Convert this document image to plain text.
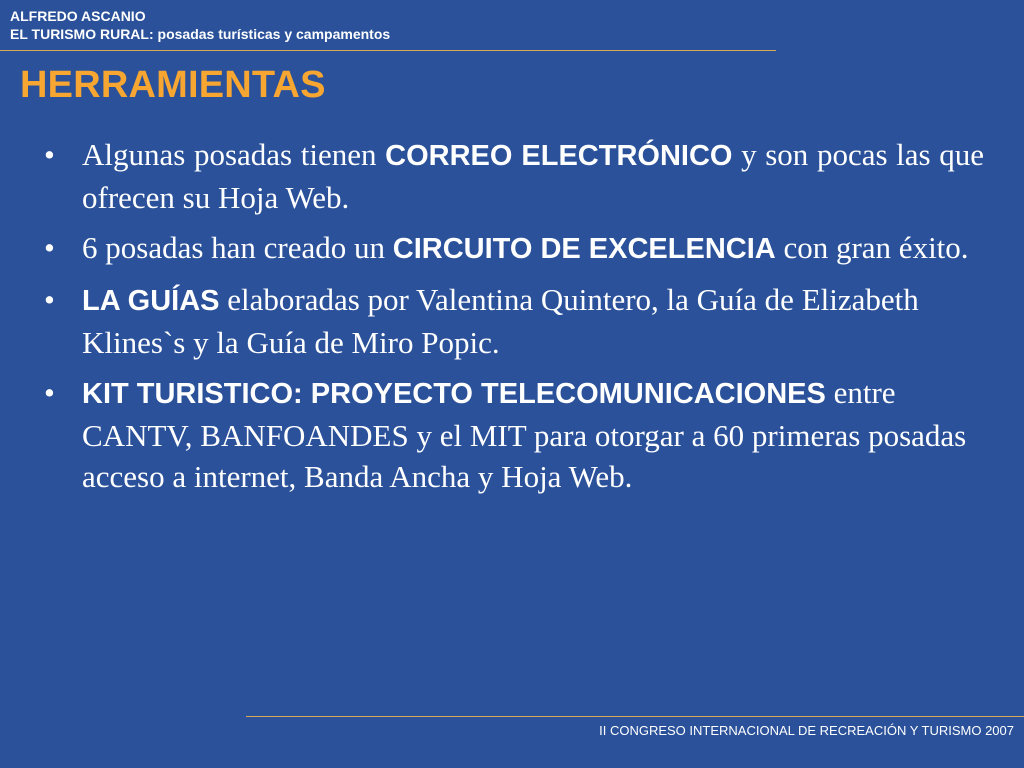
ALFREDO ASCANIO
EL TURISMO RURAL: posadas turísticas y campamentos
HERRAMIENTAS
• Algunas posadas tienen CORREO ELECTRÓNICO y son pocas las que ofrecen su Hoja Web.
• 6 posadas han creado un CIRCUITO DE EXCELENCIA con gran éxito.
• LA GUÍAS elaboradas por Valentina Quintero, la Guía de Elizabeth Klines`s y la Guía de Miro Popic.
• KIT TURISTICO: PROYECTO TELECOMUNICACIONES entre CANTV, BANFOANDES y el MIT para otorgar a 60 primeras posadas acceso a internet, Banda Ancha y Hoja Web.
II CONGRESO INTERNACIONAL DE RECREACIÓN Y TURISMO 2007
